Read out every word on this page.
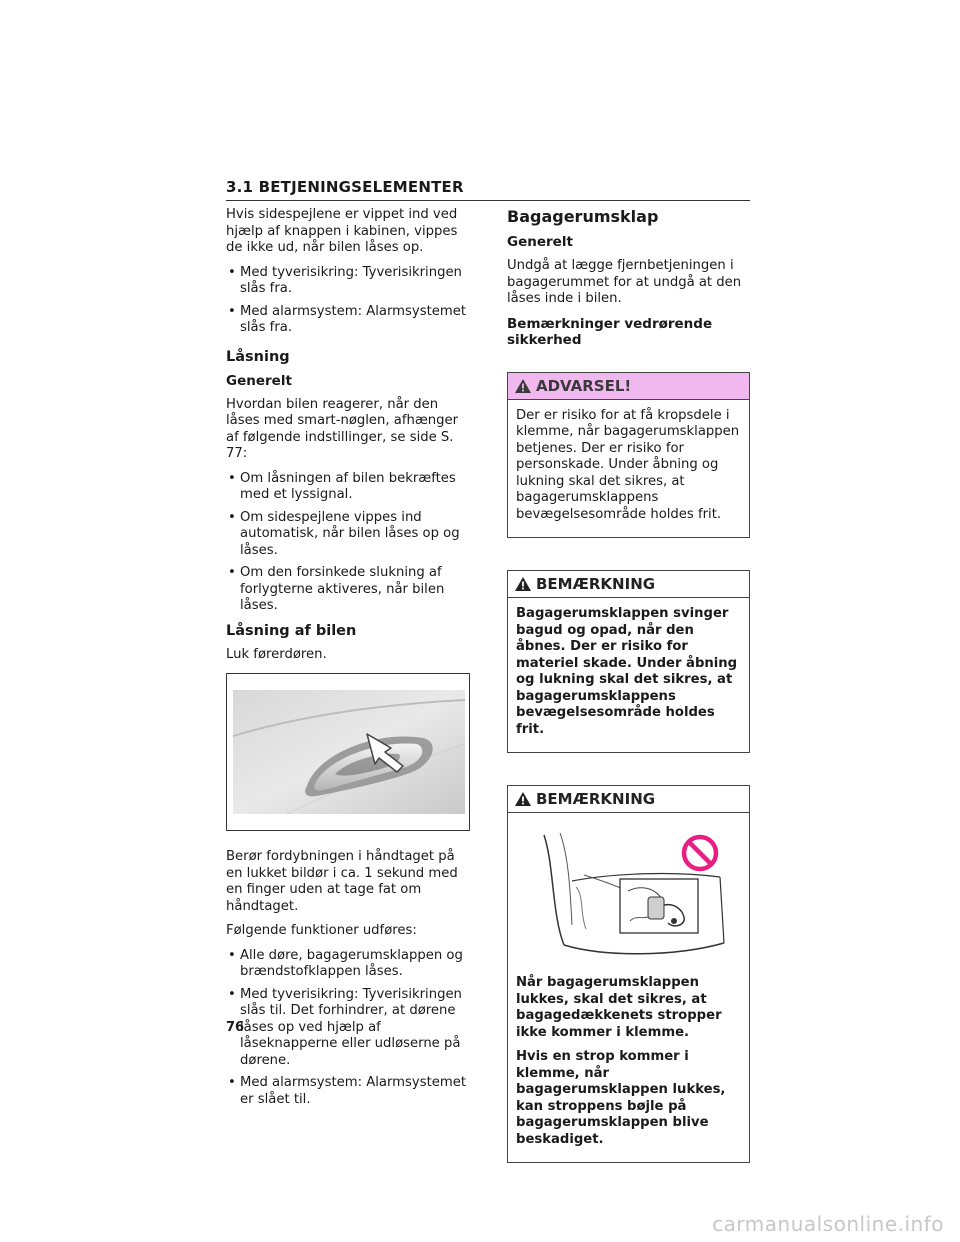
3.1 BETJENINGSELEMENTER

Hvis sidespejlene er vippet ind ved hjælp af knappen i kabinen, vippes de ikke ud, når bilen låses op.

• Med tyverisikring: Tyverisikringen slås fra.
• Med alarmsystem: Alarmsystemet slås fra.
Låsning
Generelt

Hvordan bilen reagerer, når den låses med smart-nøglen, afhænger af følgende indstillinger, se side S. 77:

• Om låsningen af bilen bekræftes med et lyssignal.
• Om sidespejlene vippes ind automatisk, når bilen låses op og låses.
• Om den forsinkede slukning af forlygterne aktiveres, når bilen låses.
Låsning af bilen

Luk førerdøren.

Berør fordybningen i håndtaget på en lukket bildør i ca. 1 sekund med en finger uden at tage fat om håndtaget.

Følgende funktioner udføres:

• Alle døre, bagagerumsklappen og brændstofklappen låses.
• Med tyverisikring: Tyverisikringen slås til. Det forhindrer, at dørene låses op ved hjælp af låseknapperne eller udløserne på dørene.
• Med alarmsystem: Alarmsystemet er slået til.
Bagagerumsklap
Generelt

Undgå at lægge fjernbetjeningen i bagagerummet for at undgå at den låses inde i bilen.

Bemærkninger vedrørende sikkerhed
ADVARSEL!

Der er risiko for at få kropsdele i klemme, når bagagerumsklappen betjenes. Der er risiko for personskade. Under åbning og lukning skal det sikres, at bagagerumsklappens bevægelsesområde holdes frit.

BEMÆRKNING

Bagagerumsklappen svinger bagud og opad, når den åbnes. Der er risiko for materiel skade. Under åbning og lukning skal det sikres, at bagagerumsklappens bevægelsesområde holdes frit.

BEMÆRKNING

Når bagagerumsklappen lukkes, skal det sikres, at bagagedækkenets stropper ikke kommer i klemme.

Hvis en strop kommer i klemme, når bagagerumsklappen lukkes, kan stroppens bøjle på bagagerumsklappen blive beskadiget.

76
carmanualsonline.info
